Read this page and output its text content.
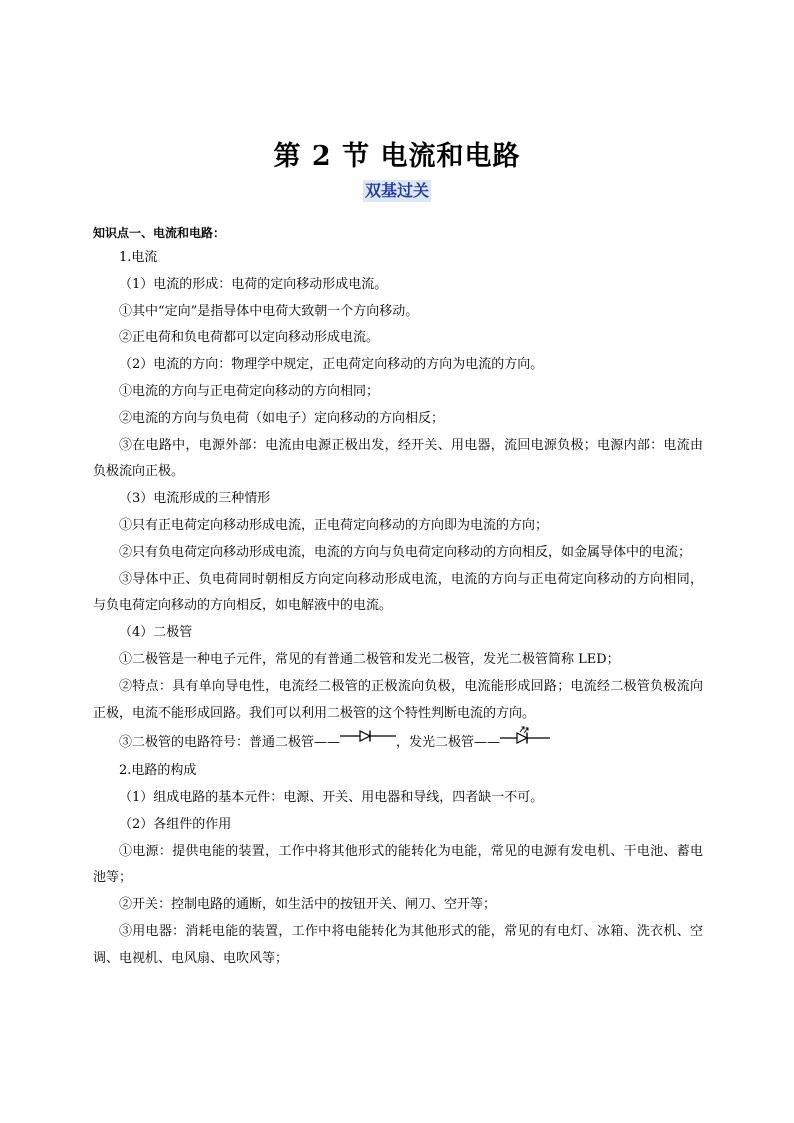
第 2 节 电流和电路
双基过关
知识点一、电流和电路：
1.电流
（1）电流的形成：电荷的定向移动形成电流。
①其中“定向”是指导体中电荷大致朝一个方向移动。
②正电荷和负电荷都可以定向移动形成电流。
（2）电流的方向：物理学中规定，正电荷定向移动的方向为电流的方向。
①电流的方向与正电荷定向移动的方向相同；
②电流的方向与负电荷（如电子）定向移动的方向相反；
③在电路中，电源外部：电流由电源正极出发，经开关、用电器，流回电源负极；电源内部：电流由负极流向正极。
（3）电流形成的三种情形
①只有正电荷定向移动形成电流，正电荷定向移动的方向即为电流的方向；
②只有负电荷定向移动形成电流，电流的方向与负电荷定向移动的方向相反，如金属导体中的电流；
③导体中正、负电荷同时朝相反方向定向移动形成电流，电流的方向与正电荷定向移动的方向相同，与负电荷定向移动的方向相反，如电解液中的电流。
（4）二极管
①二极管是一种电子元件，常见的有普通二极管和发光二极管，发光二极管简称 LED；
②特点：具有单向导电性，电流经二极管的正极流向负极，电流能形成回路；电流经二极管负极流向正极，电流不能形成回路。我们可以利用二极管的这个特性判断电流的方向。
③二极管的电路符号：普通二极管——	，发光二极管——
2.电路的构成
（1）组成电路的基本元件：电源、开关、用电器和导线，四者缺一不可。
（2）各组件的作用
①电源：提供电能的装置，工作中将其他形式的能转化为电能，常见的电源有发电机、干电池、蓄电池等；
②开关：控制电路的通断，如生活中的按钮开关、闸刀、空开等；
③用电器：消耗电能的装置，工作中将电能转化为其他形式的能，常见的有电灯、冰箱、洗衣机、空调、电视机、电风扇、电吹风等；
